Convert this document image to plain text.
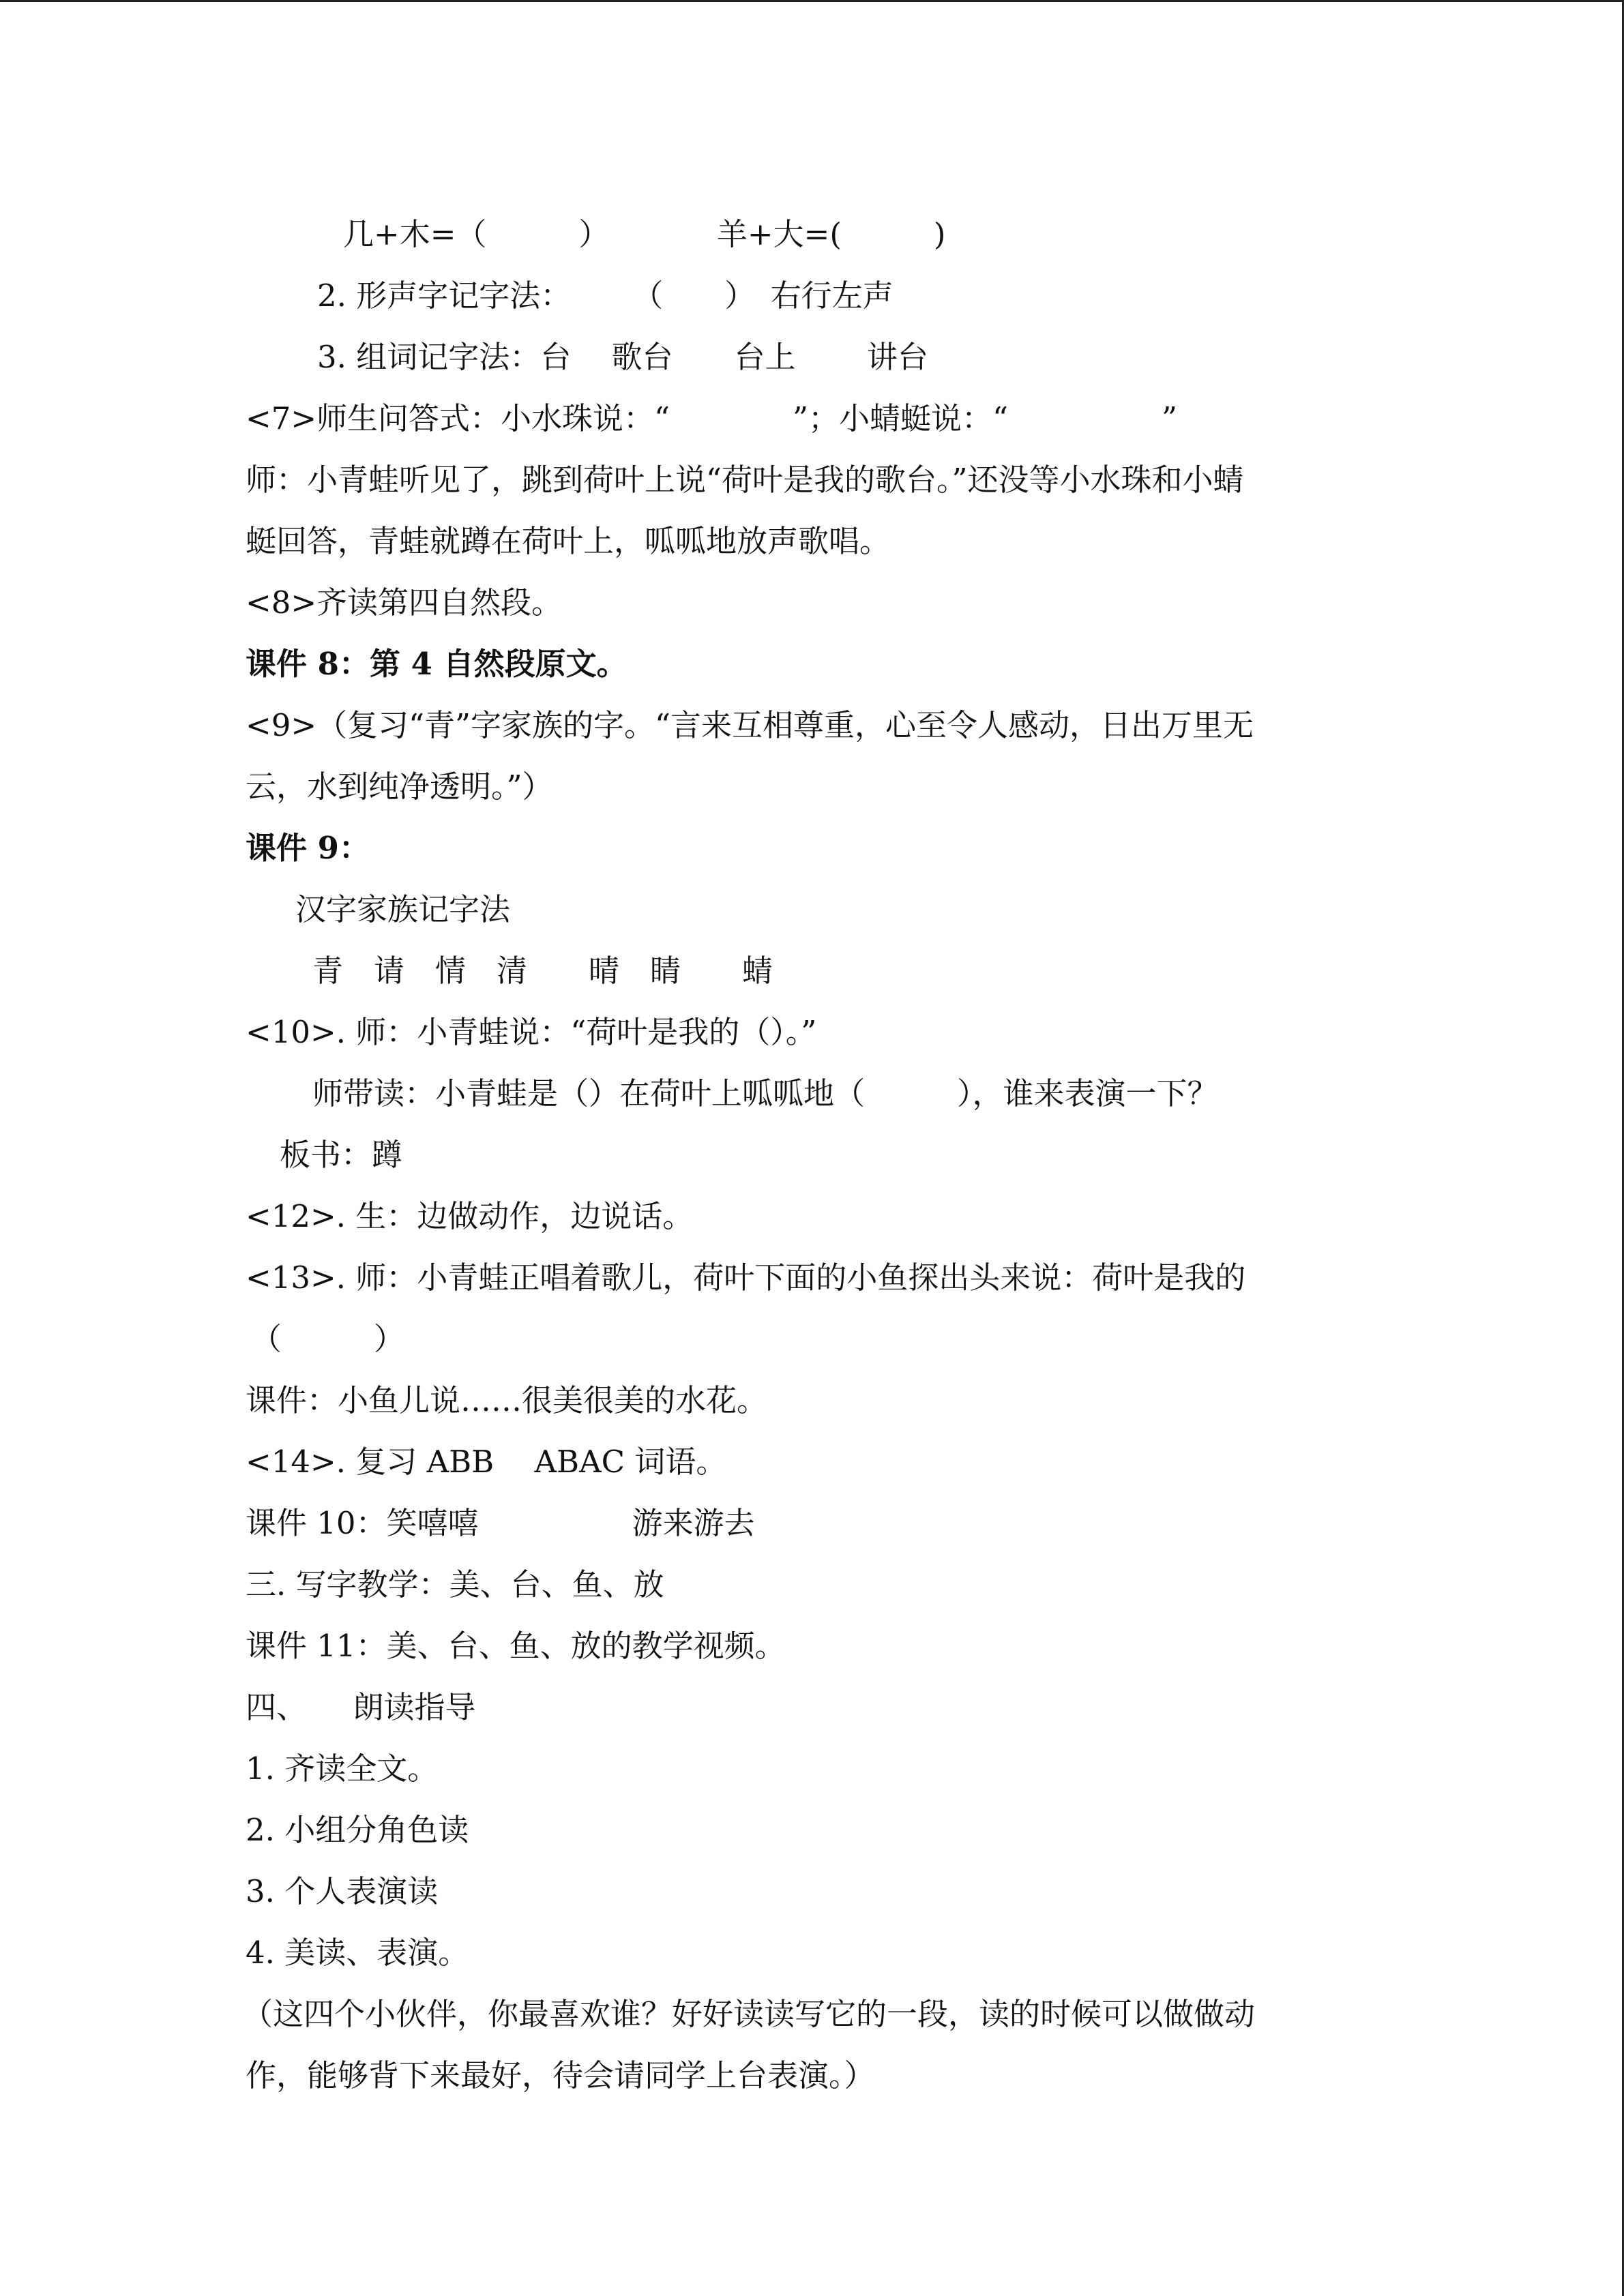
几+木=（　　　）　　　　羊+大=(　　　)
2. 形声字记字法：　　　（　　）　右行左声
3. 组词记字法：台　 歌台　　台上　　 讲台
<7>师生问答式：小水珠说：“　　　　”；小蜻蜓说：“　　　　　”
师：小青蛙听见了，跳到荷叶上说“荷叶是我的歌台。”还没等小水珠和小蜻
蜓回答，青蛙就蹲在荷叶上，呱呱地放声歌唱。
<8>齐读第四自然段。
课件 8：第 4 自然段原文。
<9>（复习“青”字家族的字。“言来互相尊重，心至令人感动，日出万里无
云，水到纯净透明。”）
课件 9：
汉字家族记字法
青　请　情　清　　晴　睛　　蜻
<10>. 师：小青蛙说：“荷叶是我的（）。”
师带读：小青蛙是（）在荷叶上呱呱地（　　　），谁来表演一下？
板书：蹲
<12>. 生：边做动作，边说话。
<13>. 师：小青蛙正唱着歌儿，荷叶下面的小鱼探出头来说：荷叶是我的
（　　　）
课件：小鱼儿说……很美很美的水花。
<14>. 复习 ABB　 ABAC 词语。
课件 10：笑嘻嘻　　　　　游来游去
三. 写字教学：美、台、鱼、放
课件 11：美、台、鱼、放的教学视频。
四、　　朗读指导
1. 齐读全文。
2. 小组分角色读
3. 个人表演读
4. 美读、表演。
（这四个小伙伴，你最喜欢谁？好好读读写它的一段，读的时候可以做做动
作，能够背下来最好，待会请同学上台表演。）
